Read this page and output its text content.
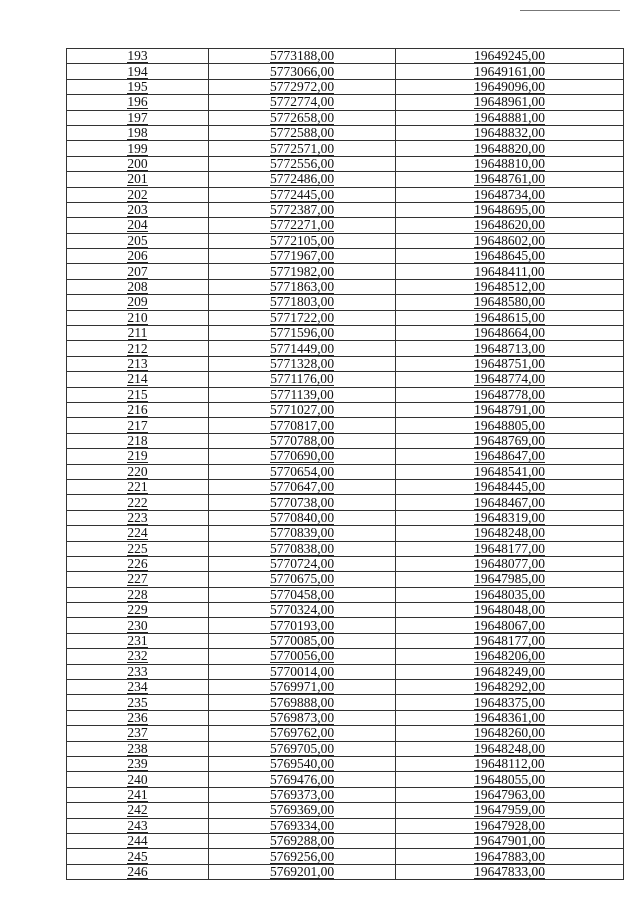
193	5773188,00	19649245,00
194	5773066,00	19649161,00
195	5772972,00	19649096,00
196	5772774,00	19648961,00
197	5772658,00	19648881,00
198	5772588,00	19648832,00
199	5772571,00	19648820,00
200	5772556,00	19648810,00
201	5772486,00	19648761,00
202	5772445,00	19648734,00
203	5772387,00	19648695,00
204	5772271,00	19648620,00
205	5772105,00	19648602,00
206	5771967,00	19648645,00
207	5771982,00	19648411,00
208	5771863,00	19648512,00
209	5771803,00	19648580,00
210	5771722,00	19648615,00
211	5771596,00	19648664,00
212	5771449,00	19648713,00
213	5771328,00	19648751,00
214	5771176,00	19648774,00
215	5771139,00	19648778,00
216	5771027,00	19648791,00
217	5770817,00	19648805,00
218	5770788,00	19648769,00
219	5770690,00	19648647,00
220	5770654,00	19648541,00
221	5770647,00	19648445,00
222	5770738,00	19648467,00
223	5770840,00	19648319,00
224	5770839,00	19648248,00
225	5770838,00	19648177,00
226	5770724,00	19648077,00
227	5770675,00	19647985,00
228	5770458,00	19648035,00
229	5770324,00	19648048,00
230	5770193,00	19648067,00
231	5770085,00	19648177,00
232	5770056,00	19648206,00
233	5770014,00	19648249,00
234	5769971,00	19648292,00
235	5769888,00	19648375,00
236	5769873,00	19648361,00
237	5769762,00	19648260,00
238	5769705,00	19648248,00
239	5769540,00	19648112,00
240	5769476,00	19648055,00
241	5769373,00	19647963,00
242	5769369,00	19647959,00
243	5769334,00	19647928,00
244	5769288,00	19647901,00
245	5769256,00	19647883,00
246	5769201,00	19647833,00
